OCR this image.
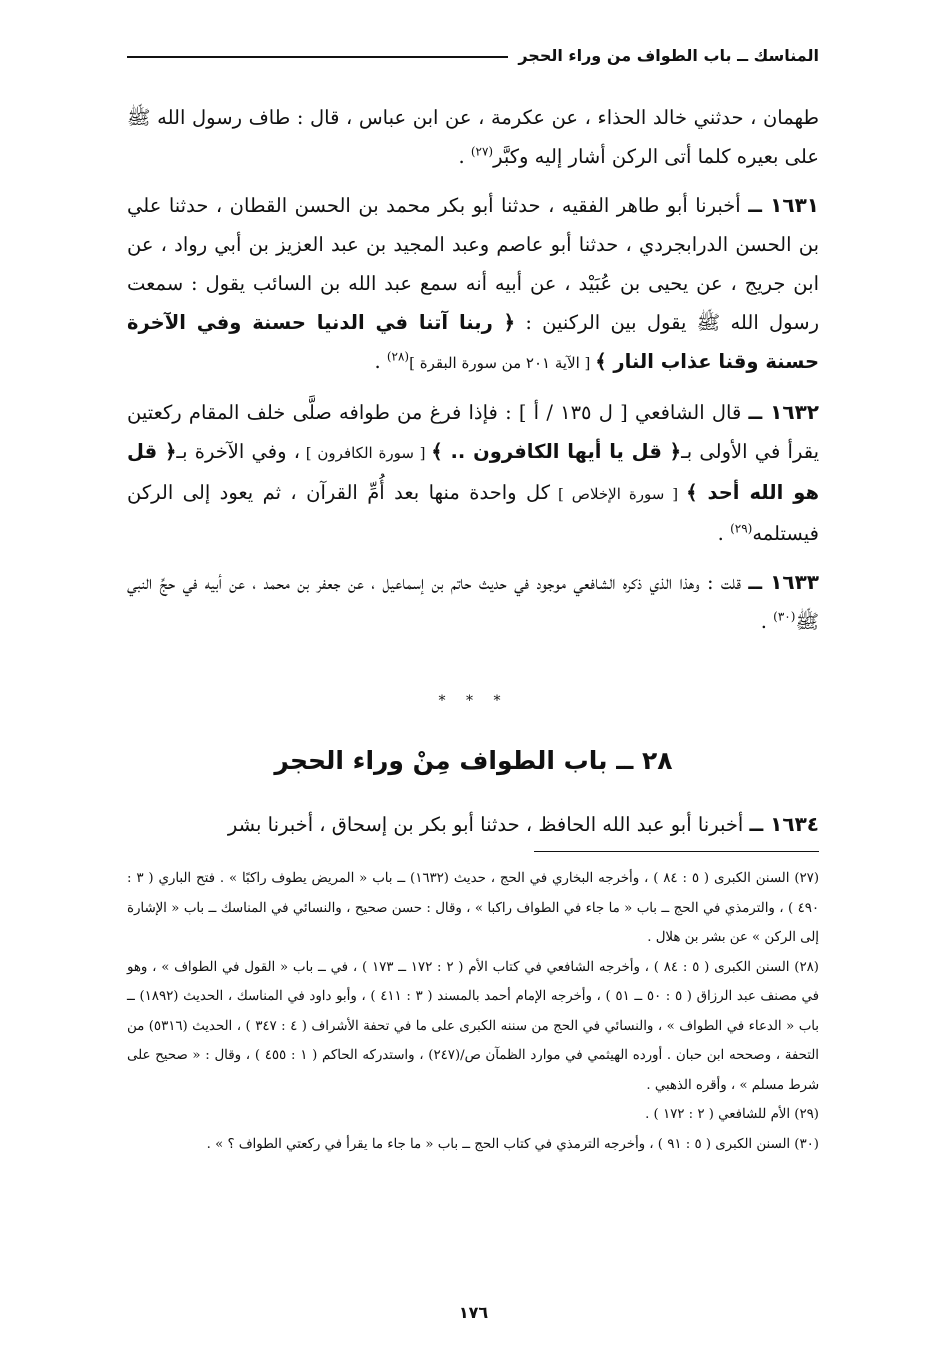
المناسك ــ باب الطواف من وراء الحجر

طهمان ، حدثني خالد الحذاء ، عن عكرمة ، عن ابن عباس ، قال : طاف رسول الله ﷺ على بعيره كلما أتى الركن أشار إليه وكبَّر$^{(٢٧)}$ .

١٦٣١ ــ أخبرنا أبو طاهر الفقيه ، حدثنا أبو بكر محمد بن الحسن القطان ، حدثنا علي بن الحسن الدرابجردي ، حدثنا أبو عاصم وعبد المجيد بن عبد العزيز بن أبي رواد ، عن ابن جريج ، عن يحيى بن عُبَيْد ، عن أبيه أنه سمع عبد الله بن السائب يقول : سمعت رسول الله ﷺ يقول بين الركنين : ﴿ ربنا آتنا في الدنيا حسنة وفي الآخرة حسنة وقنا عذاب النار ﴾ [ الآية ٢٠١ من سورة البقرة ]$^{(٢٨)}$ .

١٦٣٢ ــ قال الشافعي [ ل ١٣٥ / أ ] : فإذا فرغ من طوافه صلَّى خلف المقام ركعتين يقرأ في الأولى بـ﴿ قل يا أيها الكافرون .. ﴾ [ سورة الكافرون ] ، وفي الآخرة بـ﴿ قل هو الله أحد ﴾ [ سورة الإخلاص ] كل واحدة منها بعد أُمِّ القرآن ، ثم يعود إلى الركن فيستلمه$^{(٢٩)}$ .

١٦٣٣ ــ قلت : وهذا الذي ذكره الشافعي موجود في حديث حاتم بن إسماعيل ، عن جعفر بن محمد ، عن أبيه في حجِّ النبي ﷺ$^{(٣٠)}$ .

* * *
٢٨ ــ باب الطواف مِنْ وراء الحجر
١٦٣٤ ــ أخبرنا أبو عبد الله الحافظ ، حدثنا أبو بكر بن إسحاق ، أخبرنا بشر

(٢٧) السنن الكبرى ( ٥ : ٨٤ ) ، وأخرجه البخاري في الحج ، حديث (١٦٣٢) ــ باب « المريض يطوف راكبًا » . فتح الباري ( ٣ : ٤٩٠ ) ، والترمذي في الحج ــ باب « ما جاء في الطواف راكبا » ، وقال : حسن صحيح ، والنسائي في المناسك ــ باب « الإشارة إلى الركن » عن بشر بن هلال .

(٢٨) السنن الكبرى ( ٥ : ٨٤ ) ، وأخرجه الشافعي في كتاب الأم ( ٢ : ١٧٢ ــ ١٧٣ ) ، في ــ باب « القول في الطواف » ، وهو في مصنف عبد الرزاق ( ٥ : ٥٠ ــ ٥١ ) ، وأخرجه الإمام أحمد بالمسند ( ٣ : ٤١١ ) ، وأبو داود في المناسك ، الحديث (١٨٩٢) ــ باب « الدعاء في الطواف » ، والنسائي في الحج من سننه الكبرى على ما في تحفة الأشراف ( ٤ : ٣٤٧ ) ، الحديث (٥٣١٦) من التحفة ، وصححه ابن حبان . أورده الهيثمي في موارد الظمآن ص/(٢٤٧) ، واستدركه الحاكم ( ١ : ٤٥٥ ) ، وقال : « صحيح على شرط مسلم » ، وأقره الذهبي .

(٢٩) الأم للشافعي ( ٢ : ١٧٢ ) .

(٣٠) السنن الكبرى ( ٥ : ٩١ ) ، وأخرجه الترمذي في كتاب الحج ــ باب « ما جاء ما يقرأ في ركعتي الطواف ؟ » .

١٧٦
